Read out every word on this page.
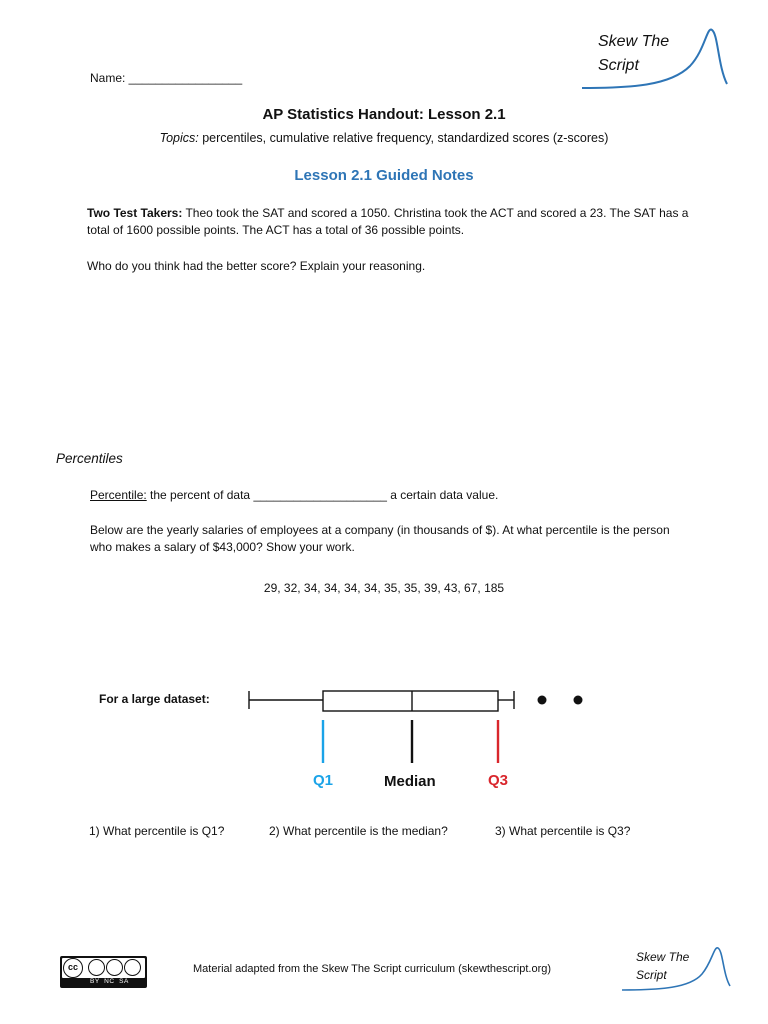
Name: _________________
Skew The
Script
AP Statistics Handout: Lesson 2.1
Topics: percentiles, cumulative relative frequency, standardized scores (z-scores)
Lesson 2.1 Guided Notes
Two Test Takers: Theo took the SAT and scored a 1050. Christina took the ACT and scored a 23. The SAT has a total of 1600 possible points. The ACT has a total of 36 possible points.
Who do you think had the better score? Explain your reasoning.
Percentiles
Percentile: the percent of data ____________________ a certain data value.
Below are the yearly salaries of employees at a company (in thousands of $). At what percentile is the person who makes a salary of $43,000? Show your work.
29, 32, 34, 34, 34, 34, 35, 35, 39, 43, 67, 185
For a large dataset:
Q1	Median	Q3
1) What percentile is Q1?	2) What percentile is the median?	3) What percentile is Q3?
cc
BY  NC  SA
Material adapted from the Skew The Script curriculum (skewthescript.org)
Skew The
Script
